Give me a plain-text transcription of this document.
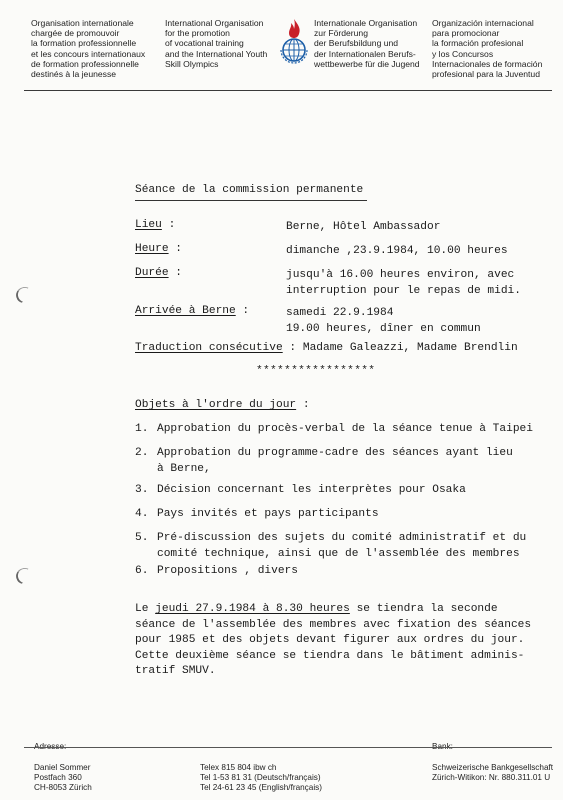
Organisation internationale
chargée de promouvoir
la formation professionnelle
et les concours internationaux
de formation professionnelle
destinés à la jeunesse
International Organisation
for the promotion
of vocational training
and the International Youth
Skill Olympics
Internationale Organisation
zur Förderung
der Berufsbildung und
der Internationalen Berufs-
wettbewerbe für die Jugend
Organización internacional
para promocionar
la formación profesional
y los Concursos
Internacionales de formación
profesional para la Juventud
Séance de la commission permanente
Lieu :	Berne, Hôtel Ambassador
Heure :	dimanche ,23.9.1984, 10.00 heures
Durée :	jusqu'à 16.00 heures environ, avec
interruption pour le repas de midi.
Arrivée à Berne :	samedi 22.9.1984
19.00 heures, dîner en commun
Traduction consécutive : Madame Galeazzi, Madame Brendlin
*****************
Objets à l'ordre du jour :
1. Approbation du procès-verbal de la séance tenue à Taipei
2. Approbation du programme-cadre des séances ayant lieu
à Berne,
3. Décision concernant les interprètes pour Osaka
4. Pays invités et pays participants
5. Pré-discussion des sujets du comité administratif et du
comité technique, ainsi que de l'assemblée des membres
6. Propositions , divers
Le jeudi 27.9.1984 à 8.30 heures se tiendra la seconde
séance de l'assemblée des membres avec fixation des séances
pour 1985 et des objets devant figurer aux ordres du jour.
Cette deuxième séance se tiendra dans le bâtiment adminis-
tratif SMUV.
Adresse:	Bank:
Daniel Sommer
Postfach 360
CH-8053 Zürich
Telex 815 804 ibw ch
Tel 1-53 81 31 (Deutsch/français)
Tel 24-61 23 45 (English/français)
Schweizerische Bankgesellschaft
Zürich-Witikon: Nr. 880.311.01 U
